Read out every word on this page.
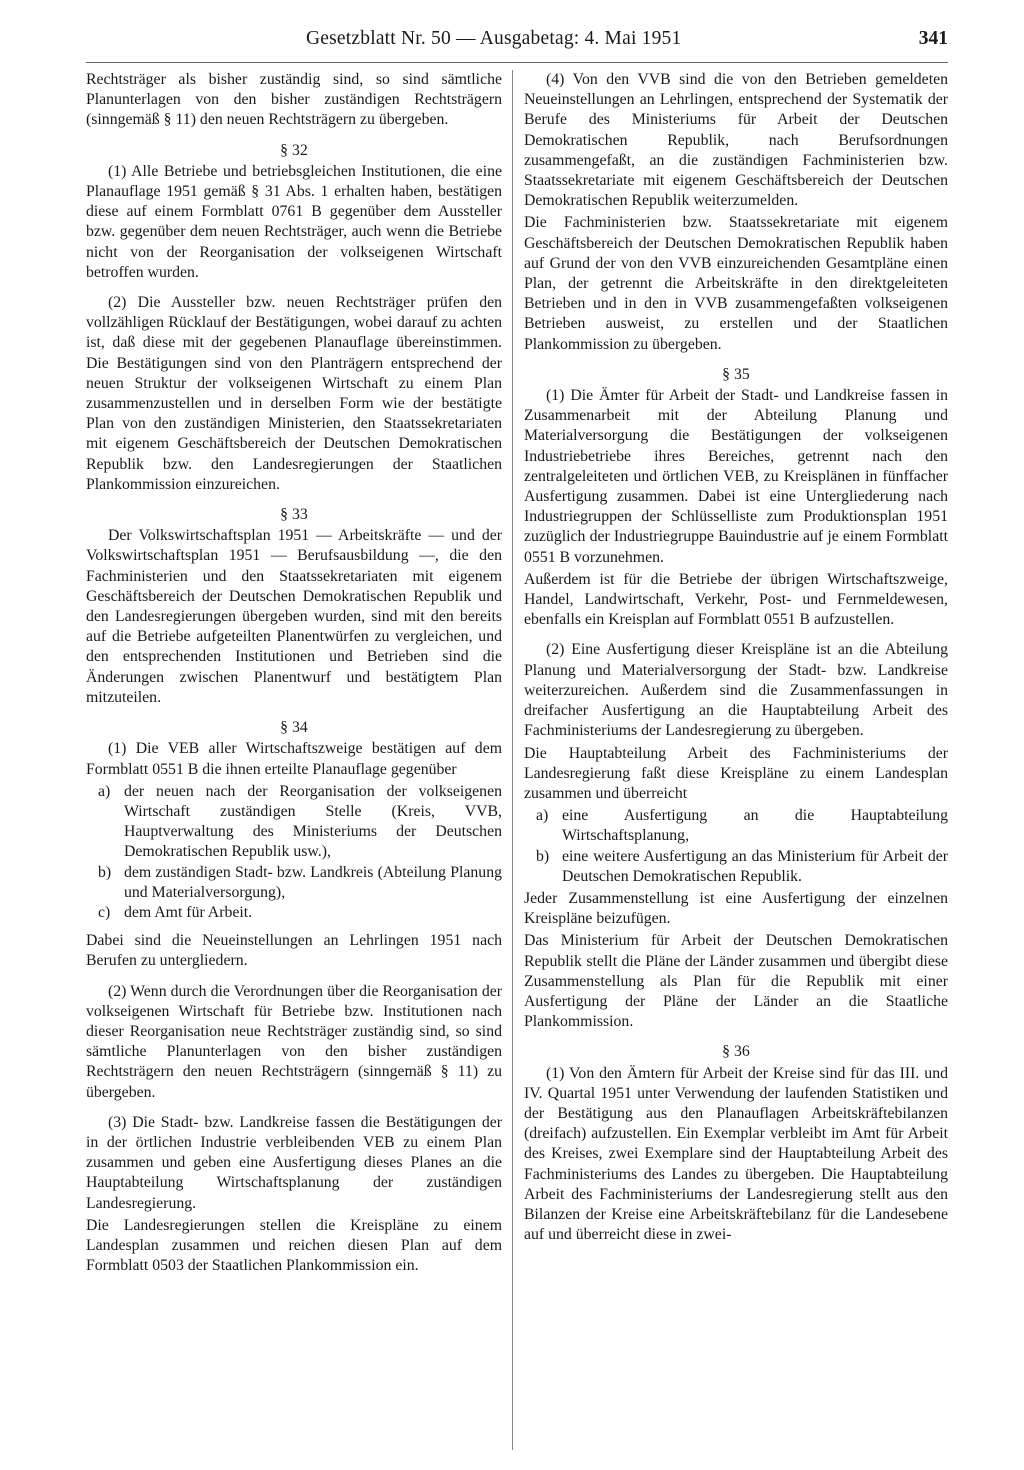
Gesetzblatt Nr. 50 — Ausgabetag: 4. Mai 1951	341

Rechtsträger als bisher zuständig sind, so sind sämtliche Planunterlagen von den bisher zuständigen Rechtsträgern (sinngemäß § 11) den neuen Rechtsträgern zu übergeben.

§ 32

(1) Alle Betriebe und betriebsgleichen Institutionen, die eine Planauflage 1951 gemäß § 31 Abs. 1 erhalten haben, bestätigen diese auf einem Formblatt 0761 B gegenüber dem Aussteller bzw. gegenüber dem neuen Rechtsträger, auch wenn die Betriebe nicht von der Reorganisation der volkseigenen Wirtschaft betroffen wurden.

(2) Die Aussteller bzw. neuen Rechtsträger prüfen den vollzähligen Rücklauf der Bestätigungen, wobei darauf zu achten ist, daß diese mit der gegebenen Planauflage übereinstimmen. Die Bestätigungen sind von den Planträgern entsprechend der neuen Struktur der volkseigenen Wirtschaft zu einem Plan zusammenzustellen und in derselben Form wie der bestätigte Plan von den zuständigen Ministerien, den Staatssekretariaten mit eigenem Geschäftsbereich der Deutschen Demokratischen Republik bzw. den Landesregierungen der Staatlichen Plankommission einzureichen.

§ 33

Der Volkswirtschaftsplan 1951 — Arbeitskräfte — und der Volkswirtschaftsplan 1951 — Berufsausbildung —, die den Fachministerien und den Staatssekretariaten mit eigenem Geschäftsbereich der Deutschen Demokratischen Republik und den Landesregierungen übergeben wurden, sind mit den bereits auf die Betriebe aufgeteilten Planentwürfen zu vergleichen, und den entsprechenden Institutionen und Betrieben sind die Änderungen zwischen Planentwurf und bestätigtem Plan mitzuteilen.

§ 34

(1) Die VEB aller Wirtschaftszweige bestätigen auf dem Formblatt 0551 B die ihnen erteilte Planauflage gegenüber

a) der neuen nach der Reorganisation der volkseigenen Wirtschaft zuständigen Stelle (Kreis, VVB, Hauptverwaltung des Ministeriums der Deutschen Demokratischen Republik usw.),
b) dem zuständigen Stadt- bzw. Landkreis (Abteilung Planung und Materialversorgung),
c) dem Amt für Arbeit.

Dabei sind die Neueinstellungen an Lehrlingen 1951 nach Berufen zu untergliedern.

(2) Wenn durch die Verordnungen über die Reorganisation der volkseigenen Wirtschaft für Betriebe bzw. Institutionen nach dieser Reorganisation neue Rechtsträger zuständig sind, so sind sämtliche Planunterlagen von den bisher zuständigen Rechtsträgern den neuen Rechtsträgern (sinngemäß § 11) zu übergeben.

(3) Die Stadt- bzw. Landkreise fassen die Bestätigungen der in der örtlichen Industrie verbleibenden VEB zu einem Plan zusammen und geben eine Ausfertigung dieses Planes an die Hauptabteilung Wirtschaftsplanung der zuständigen Landesregierung.

Die Landesregierungen stellen die Kreispläne zu einem Landesplan zusammen und reichen diesen Plan auf dem Formblatt 0503 der Staatlichen Plankommission ein.

(4) Von den VVB sind die von den Betrieben gemeldeten Neueinstellungen an Lehrlingen, entsprechend der Systematik der Berufe des Ministeriums für Arbeit der Deutschen Demokratischen Republik, nach Berufsordnungen zusammengefaßt, an die zuständigen Fachministerien bzw. Staatssekretariate mit eigenem Geschäftsbereich der Deutschen Demokratischen Republik weiterzumelden.

Die Fachministerien bzw. Staatssekretariate mit eigenem Geschäftsbereich der Deutschen Demokratischen Republik haben auf Grund der von den VVB einzureichenden Gesamtpläne einen Plan, der getrennt die Arbeitskräfte in den direktgeleiteten Betrieben und in den in VVB zusammengefaßten volkseigenen Betrieben ausweist, zu erstellen und der Staatlichen Plankommission zu übergeben.

§ 35

(1) Die Ämter für Arbeit der Stadt- und Landkreise fassen in Zusammenarbeit mit der Abteilung Planung und Materialversorgung die Bestätigungen der volkseigenen Industriebetriebe ihres Bereiches, getrennt nach den zentralgeleiteten und örtlichen VEB, zu Kreisplänen in fünffacher Ausfertigung zusammen. Dabei ist eine Untergliederung nach Industriegruppen der Schlüsselliste zum Produktionsplan 1951 zuzüglich der Industriegruppe Bauindustrie auf je einem Formblatt 0551 B vorzunehmen.

Außerdem ist für die Betriebe der übrigen Wirtschaftszweige, Handel, Landwirtschaft, Verkehr, Post- und Fernmeldewesen, ebenfalls ein Kreisplan auf Formblatt 0551 B aufzustellen.

(2) Eine Ausfertigung dieser Kreispläne ist an die Abteilung Planung und Materialversorgung der Stadt- bzw. Landkreise weiterzureichen. Außerdem sind die Zusammenfassungen in dreifacher Ausfertigung an die Hauptabteilung Arbeit des Fachministeriums der Landesregierung zu übergeben.

Die Hauptabteilung Arbeit des Fachministeriums der Landesregierung faßt diese Kreispläne zu einem Landesplan zusammen und überreicht

a) eine Ausfertigung an die Hauptabteilung Wirtschaftsplanung,
b) eine weitere Ausfertigung an das Ministerium für Arbeit der Deutschen Demokratischen Republik.

Jeder Zusammenstellung ist eine Ausfertigung der einzelnen Kreispläne beizufügen.

Das Ministerium für Arbeit der Deutschen Demokratischen Republik stellt die Pläne der Länder zusammen und übergibt diese Zusammenstellung als Plan für die Republik mit einer Ausfertigung der Pläne der Länder an die Staatliche Plankommission.

§ 36

(1) Von den Ämtern für Arbeit der Kreise sind für das III. und IV. Quartal 1951 unter Verwendung der laufenden Statistiken und der Bestätigung aus den Planauflagen Arbeitskräftebilanzen (dreifach) aufzustellen. Ein Exemplar verbleibt im Amt für Arbeit des Kreises, zwei Exemplare sind der Hauptabteilung Arbeit des Fachministeriums des Landes zu übergeben. Die Hauptabteilung Arbeit des Fachministeriums der Landesregierung stellt aus den Bilanzen der Kreise eine Arbeitskräftebilanz für die Landesebene auf und überreicht diese in zwei-
